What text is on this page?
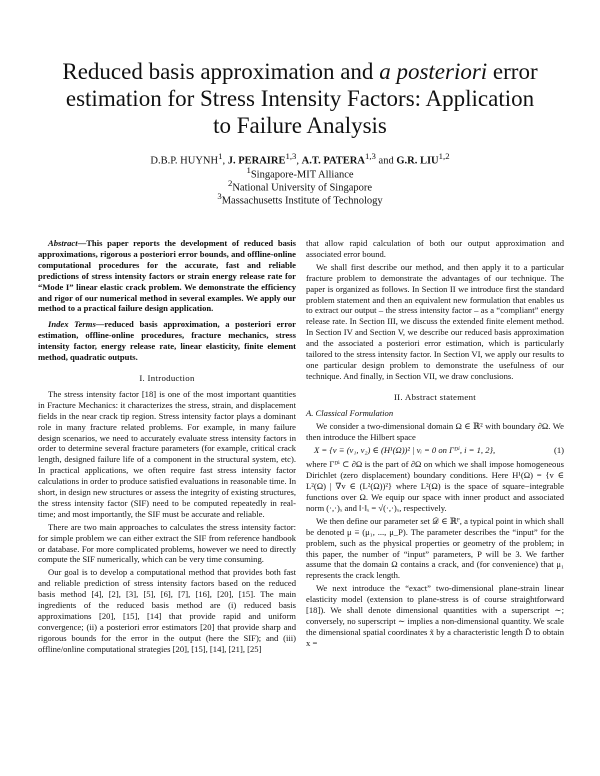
Reduced basis approximation and a posteriori error
estimation for Stress Intensity Factors: Application
to Failure Analysis
D.B.P. HUYNH$^1$, J. PERAIRE$^{1,3}$, A.T. PATERA$^{1,3}$ and G.R. LIU$^{1,2}$
$^1$Singapore-MIT Alliance
$^2$National University of Singapore
$^3$Massachusetts Institute of Technology

Abstract—This paper reports the development of reduced basis approximations, rigorous a posteriori error bounds, and offline-online computational procedures for the accurate, fast and reliable predictions of stress intensity factors or strain energy release rate for “Mode I” linear elastic crack problem. We demonstrate the efficiency and rigor of our numerical method in several examples. We apply our method to a practical failure design application.

Index Terms—reduced basis approximation, a posteriori error estimation, offline-online procedures, fracture mechanics, stress intensity factor, energy release rate, linear elasticity, finite element method, quadratic outputs.

I. Introduction

The stress intensity factor [18] is one of the most important quantities in Fracture Mechanics: it characterizes the stress, strain, and displacement fields in the near crack tip region. Stress intensity factor plays a dominant role in many fracture related problems. For example, in many failure design scenarios, we need to accurately evaluate stress intensity factors in order to determine several fracture parameters (for example, critical crack length, designed failure life of a component in the structural system, etc). In practical applications, we often require fast stress intensity factor calculations in order to produce satisfied evaluations in reasonable time. In short, in design new structures or assess the integrity of existing structures, the stress intensity factor (SIF) need to be computed repeatedly in real-time; and most importantly, the SIF must be accurate and reliable.

There are two main approaches to calculates the stress intensity factor: for simple problem we can either extract the SIF from reference handbook or database. For more complicated problems, however we need to directly compute the SIF numerically, which can be very time consuming.

Our goal is to develop a computational method that provides both fast and reliable prediction of stress intensity factors based on the reduced basis method [4], [2], [3], [5], [6], [7], [16], [20], [15]. The main ingredients of the reduced basis method are (i) reduced basis approximations [20], [15], [14] that provide rapid and uniform convergence; (ii) a posteriori error estimators [20] that provide sharp and rigorous bounds for the error in the output (here the SIF); and (iii) offline/online computational strategies [20], [15], [14], [21], [25]

that allow rapid calculation of both our output approximation and associated error bound.

We shall first describe our method, and then apply it to a particular fracture problem to demonstrate the advantages of our technique. The paper is organized as follows. In Section II we introduce first the standard problem statement and then an equivalent new formulation that enables us to extract our output – the stress intensity factor – as a “compliant” energy release rate. In Section III, we discuss the extended finite element method. In Section IV and Section V, we describe our reduced basis approximation and the associated a posteriori error estimation, which is particularly tailored to the stress intensity factor. In Section VI, we apply our results to one particular design problem to demonstrate the usefulness of our technique. And finally, in Section VII, we draw conclusions.

II. Abstract statement

A. Classical Formulation

We consider a two-dimensional domain Ω ∈ ℝ² with boundary ∂Ω. We then introduce the Hilbert space

X = {v ≡ (v₁, v₂) ∈ (H¹(Ω))² | vᵢ = 0 on Γᴰⁱ, i = 1, 2},	(1)

where Γᴰⁱ ⊂ ∂Ω is the part of ∂Ω on which we shall impose homogeneous Dirichlet (zero displacement) boundary conditions. Here H¹(Ω) = {v ∈ L²(Ω) | ∇v ∈ (L²(Ω))²} where L²(Ω) is the space of square−integrable functions over Ω. We equip our space with inner product and associated norm (·,·)ₓ and ‖·‖ₓ = √(·,·)ₓ, respectively.

We then define our parameter set 𝒟 ∈ ℝᴾ, a typical point in which shall be denoted μ ≡ (μ₁, ..., μ_P). The parameter describes the “input” for the problem, such as the physical properties or geometry of the problem; in this paper, the number of “input” parameters, P will be 3. We farther assume that the domain Ω contains a crack, and (for convenience) that μ₁ represents the crack length.

We next introduce the “exact” two-dimensional plane-strain linear elasticity model (extension to plane-stress is of course straightforward [18]). We shall denote dimensional quantities with a superscript ∼; conversely, no superscript ∼ implies a non-dimensional quantity. We scale the dimensional spatial coordinates x̃ by a characteristic length D̃ to obtain x =
